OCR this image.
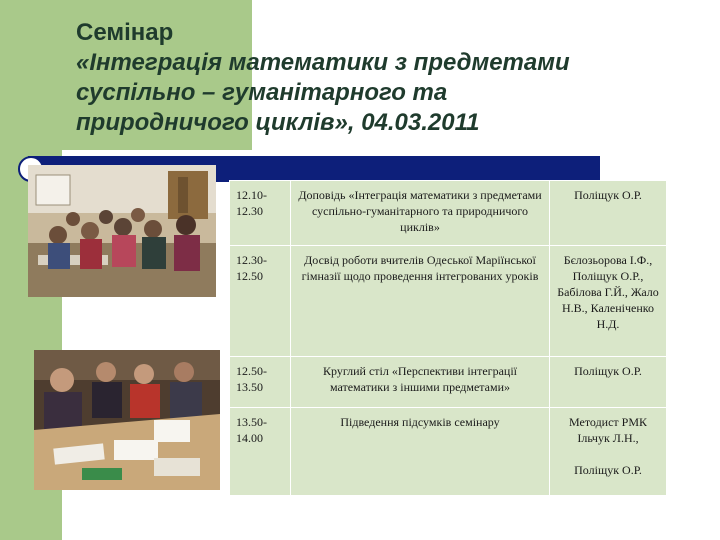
Семінар
«Інтеграція математики з предметами
суспільно – гуманітарного та
природничого циклів», 04.03.2011
12.10-12.30	Доповідь «Інтеграція математики з предметами суспільно-гуманітарного та природничого циклів»	Поліщук О.Р.
12.30-12.50	Досвід роботи вчителів Одеської Маріїнської гімназії щодо проведення інтегрованих уроків	Бєлозьорова І.Ф., Поліщук О.Р., Бабілова Г.Й., Жало Н.В., Каленіченко Н.Д.
12.50-13.50	Круглий стіл «Перспективи інтеграції математики з іншими предметами»	Поліщук О.Р.
13.50-14.00	Підведення підсумків семінару	Методист РМК Ільчук Л.Н.,
Поліщук О.Р.
